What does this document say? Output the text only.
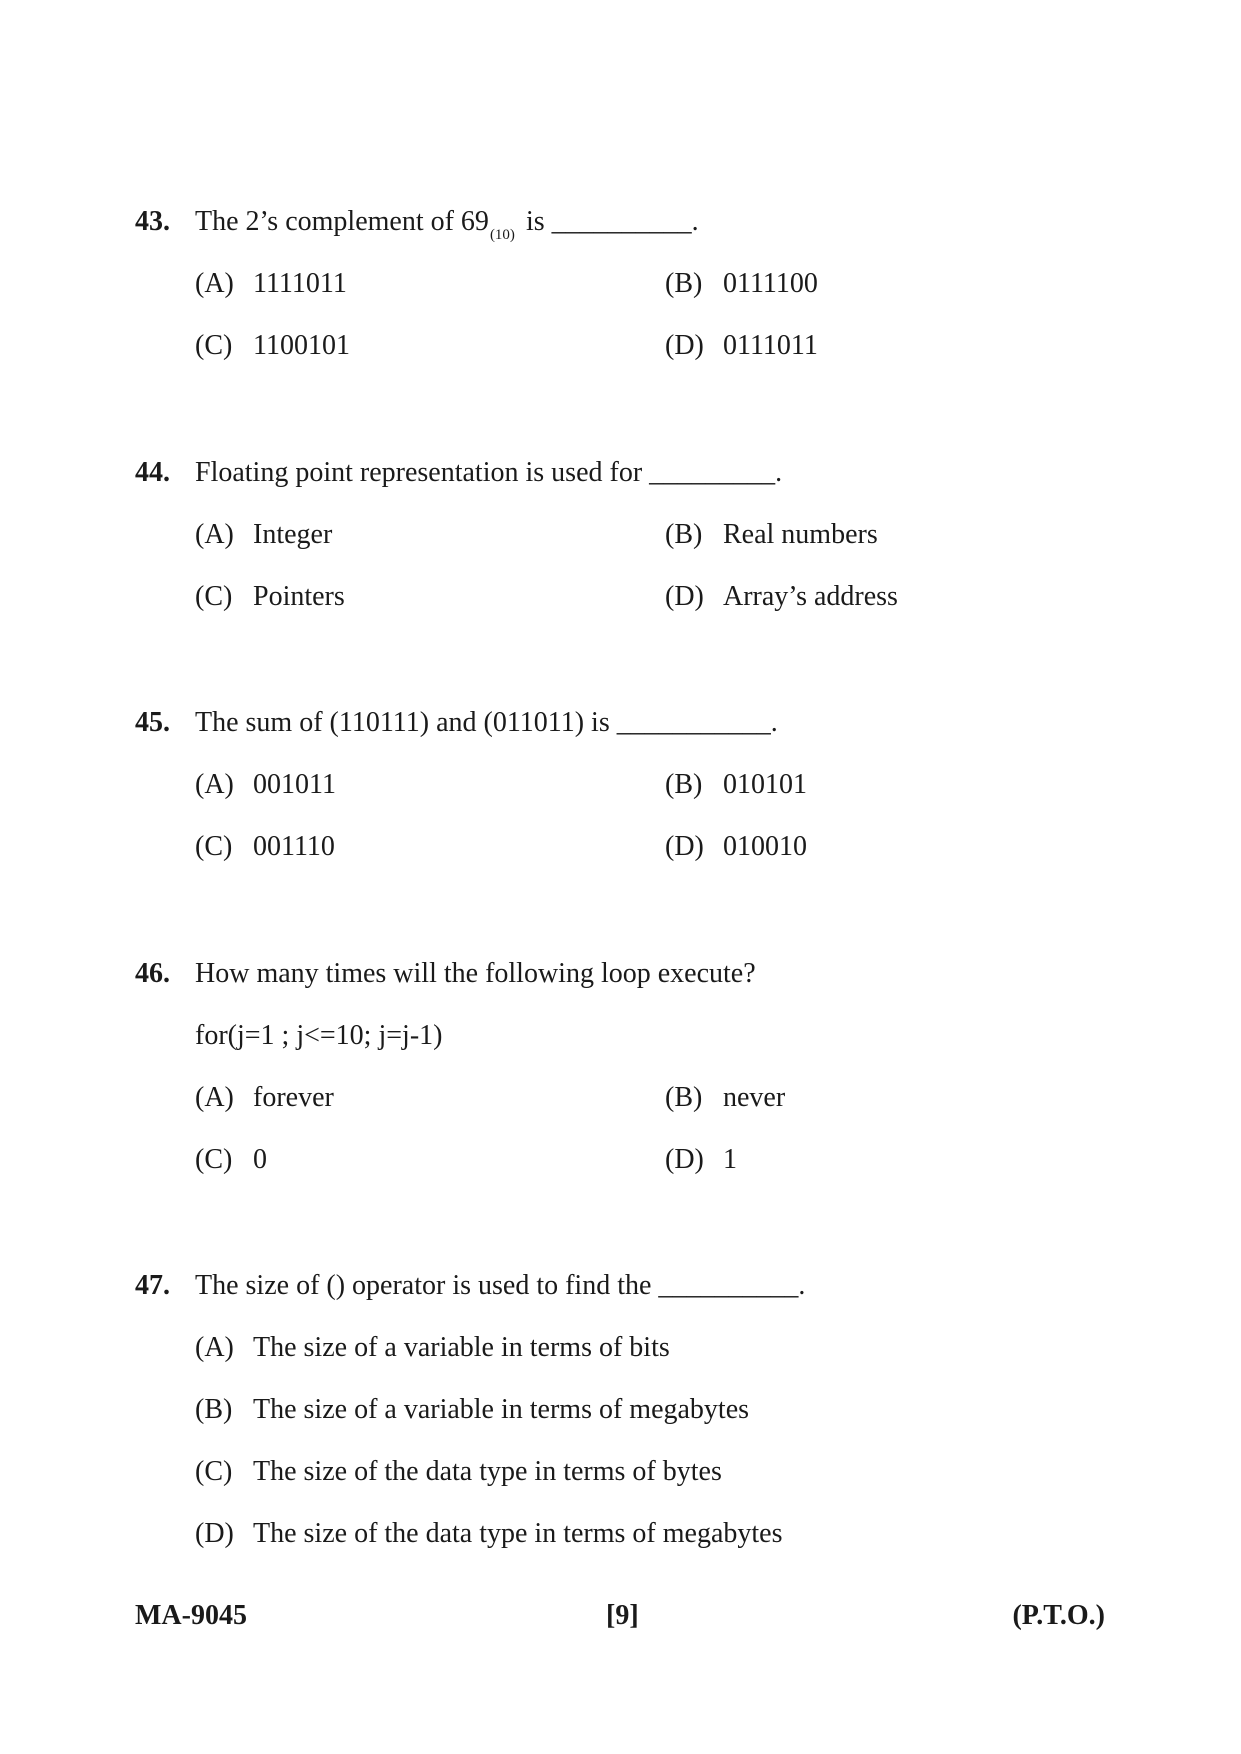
43. The 2’s complement of $69_{(10)}$ is __________.
(A) 1111011	(B) 0111100
(C) 1100101	(D) 0111011
44. Floating point representation is used for _________.
(A) Integer	(B) Real numbers
(C) Pointers	(D) Array’s address
45. The sum of (110111) and (011011) is ___________.
(A) 001011	(B) 010101
(C) 001110	(D) 010010
46. How many times will the following loop execute?
for(j=1 ; j<=10; j=j-1)
(A) forever	(B) never
(C) 0	(D) 1
47. The size of () operator is used to find the __________.
(A) The size of a variable in terms of bits
(B) The size of a variable in terms of megabytes
(C) The size of the data type in terms of bytes
(D) The size of the data type in terms of megabytes
MA-9045	[9]	(P.T.O.)
